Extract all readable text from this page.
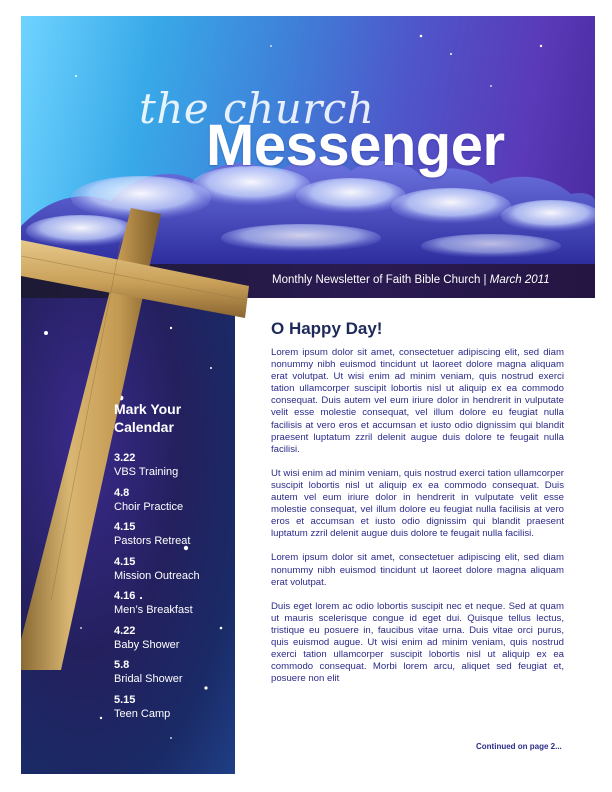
the church
Messenger
Monthly Newsletter of Faith Bible Church | March 2011
Mark Your Calendar
3.22
VBS Training
4.8
Choir Practice
4.15
Pastors Retreat
4.15
Mission Outreach
4.16
Men’s Breakfast
4.22
Baby Shower
5.8
Bridal Shower
5.15
Teen Camp
O Happy Day!

Lorem ipsum dolor sit amet, consectetuer adipiscing elit, sed diam nonummy nibh euismod tincidunt ut laoreet dolore magna aliquam erat volutpat. Ut wisi enim ad minim veniam, quis nostrud exerci tation ullamcorper suscipit lobortis nisl ut aliquip ex ea commodo consequat. Duis autem vel eum iriure dolor in hendrerit in vulputate velit esse molestie consequat, vel illum dolore eu feugiat nulla facilisis at vero eros et accumsan et iusto odio dignissim qui blandit praesent luptatum zzril delenit augue duis dolore te feugait nulla facilisi.

Ut wisi enim ad minim veniam, quis nostrud exerci tation ullamcorper suscipit lobortis nisl ut aliquip ex ea commodo consequat. Duis autem vel eum iriure dolor in hendrerit in vulputate velit esse molestie consequat, vel illum dolore eu feugiat nulla facilisis at vero eros et accumsan et iusto odio dignissim qui blandit praesent luptatum zzril delenit augue duis dolore te feugait nulla facilisi.

Lorem ipsum dolor sit amet, consectetuer adipiscing elit, sed diam nonummy nibh euismod tincidunt ut laoreet dolore magna aliquam erat volutpat.

Duis eget lorem ac odio lobortis suscipit nec et neque. Sed at quam ut mauris scelerisque congue id eget dui. Quisque tellus lectus, tristique eu posuere in, faucibus vitae urna. Duis vitae orci purus, quis euismod augue. Ut wisi enim ad minim veniam, quis nostrud exerci tation ullamcorper suscipit lobortis nisl ut aliquip ex ea commodo consequat. Morbi lorem arcu, aliquet sed feugiat et, posuere non elit

Continued on page 2...
